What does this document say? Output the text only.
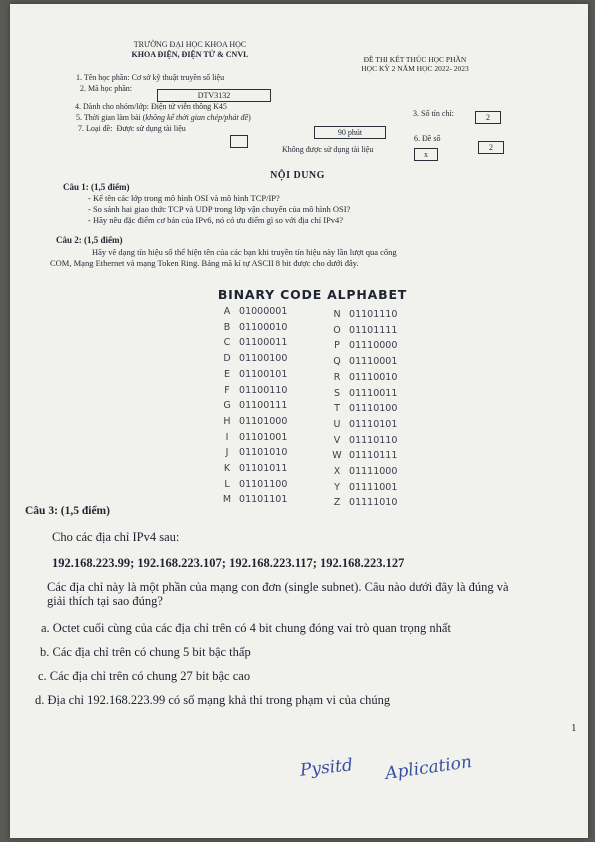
TRƯỜNG ĐẠI HỌC KHOA HỌC
KHOA ĐIỆN, ĐIỆN TỬ & CNVL
ĐỀ THI KẾT THÚC HỌC PHẦN
HỌC KỲ 2 NĂM HỌC 2022- 2023
1. Tên học phần: Cơ sở kỹ thuật truyền số liệu
2. Mã học phần:
DTV3132
4. Dành cho nhóm/lớp: Điện tử viễn thông K45
3. Số tín chỉ:	2
5. Thời gian làm bài (không kể thời gian chép/phát đề)
90 phút
7. Loại đề: Được sử dụng tài liệu
Không được sử dụng tài liệu
x
6. Đề số
2
NỘI DUNG
Câu 1: (1,5 điểm)
- Kể tên các lớp trong mô hình OSI và mô hình TCP/IP?
- So sánh hai giao thức TCP và UDP trong lớp vận chuyển của mô hình OSI?
- Hãy nêu đặc điểm cơ bản của IPv6, nó có ưu điểm gì so với địa chỉ IPv4?
Câu 2: (1,5 điểm)
Hãy vẽ dạng tín hiệu số thể hiện tên của các bạn khi truyền tín hiệu này lần lượt qua cổng
COM, Mạng Ethernet và mạng Token Ring. Bảng mã kí tự ASCII 8 bit được cho dưới đây.
BINARY CODE ALPHABET
A 01000001
B 01100010
C 01100011
D 01100100
E 01100101
F 01100110
G 01100111
H 01101000
I 01101001
J 01101010
K 01101011
L 01101100
M 01101101
N 01101110
O 01101111
P 01110000
Q 01110001
R 01110010
S 01110011
T 01110100
U 01110101
V 01110110
W 01110111
X 01111000
Y 01111001
Z 01111010
Câu 3: (1,5 điểm)
Cho các địa chỉ IPv4 sau:
192.168.223.99; 192.168.223.107; 192.168.223.117; 192.168.223.127
Các địa chỉ này là một phần của mạng con đơn (single subnet). Câu nào dưới đây là đúng và
giải thích tại sao đúng?
a. Octet cuối cùng của các địa chỉ trên có 4 bit chung đóng vai trò quan trọng nhất
b. Các địa chỉ trên có chung 5 bit bậc thấp
c. Các địa chỉ trên có chung 27 bit bậc cao
d. Địa chỉ 192.168.223.99 có số mạng khả thi trong phạm vi của chúng
1
Pysitd Aplication
